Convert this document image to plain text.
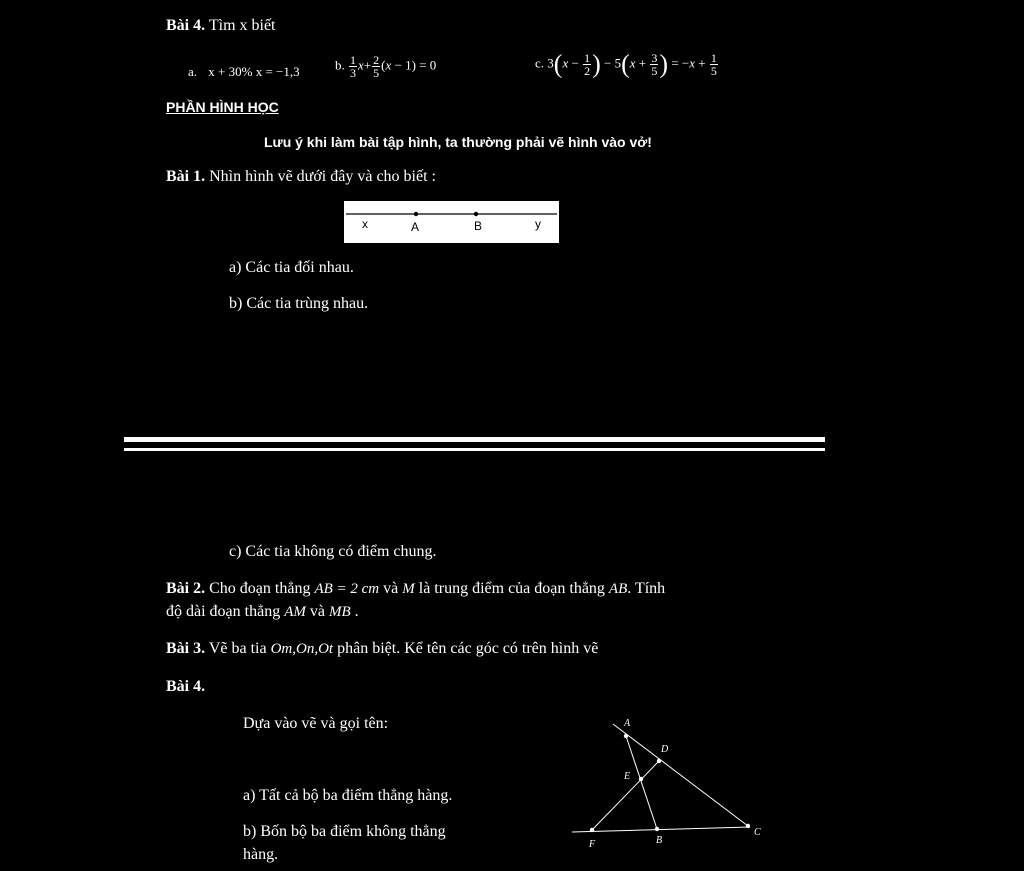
Bài 4. Tìm x biết
a. x + 30% x = −1,3	b. $\frac{1}{3} x+ \frac{2}{5} (x - 1) = 0$	c. $3(x - \frac{1}{2}$ ) − $5(x + \frac{3}{5}$ ) = $-x + \frac{1}{5}$
PHẦN HÌNH HỌC
Lưu ý khi làm bài tập hình, ta thường phải vẽ hình vào vở!
Bài 1. Nhìn hình vẽ dưới đây và cho biết :
x	A	B	y
a) Các tia đối nhau.
b) Các tia trùng nhau.
c) Các tia không có điểm chung.
Bài 2. Cho đoạn thẳng AB = 2 cm và M là trung điểm của đoạn thẳng AB. Tính
độ dài đoạn thẳng AM và MB .
Bài 3. Vẽ ba tia Om,On,Ot phân biệt. Kể tên các góc có trên hình vẽ
Bài 4.
Dựa vào vẽ và gọi tên:
a) Tất cả bộ ba điểm thẳng hàng.
b) Bốn bộ ba điểm không thẳng
hàng.
A
D
E
F	B
C
